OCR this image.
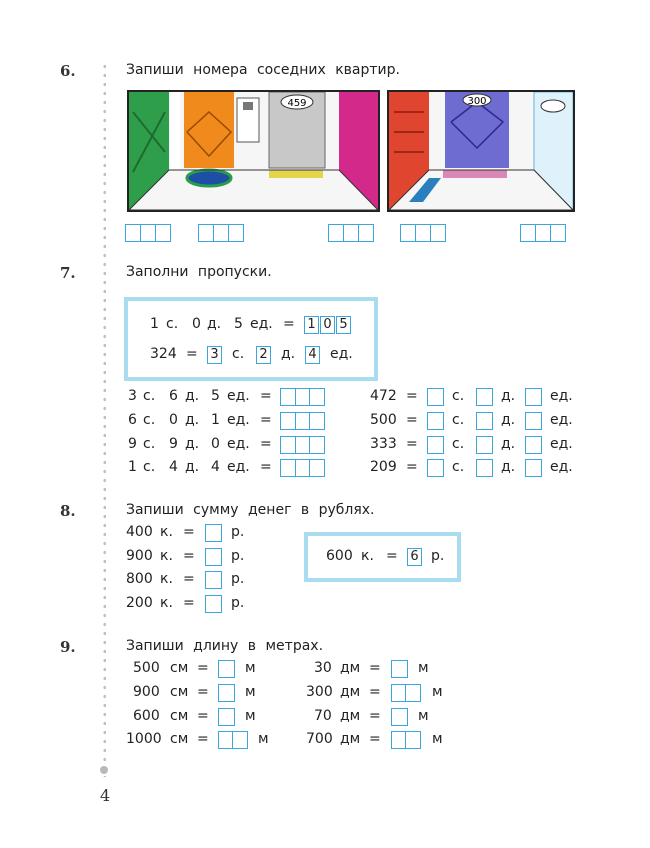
6.	Запиши номера соседних квартир.
459	300
7.	Заполни пропуски.
1 с. 0 д. 5 ед. = 1 0 5
324 = 3 с. 2 д. 4 ед.
3 с. 6 д. 5 ед. =
6 с. 0 д. 1 ед. =
9 с. 9 д. 0 ед. =
1 с. 4 д. 4 ед. =
472 = с.	д. ед.
500 = с.	д. ед.
333 = с.	д. ед.
209 = с.	д. ед.
8.	Запиши сумму денег в рублях.
400 к. =	р.
900 к. =	р.
800 к. =	р.
200 к. =	р.
600 к. = 6 р.
9.	Запиши длину в метрах.
500 см =	м
900 см =	м
600 см =	м
1000 см =	м
30 дм =	м
300 дм =	м
70 дм =	м
700 дм =	м
4
